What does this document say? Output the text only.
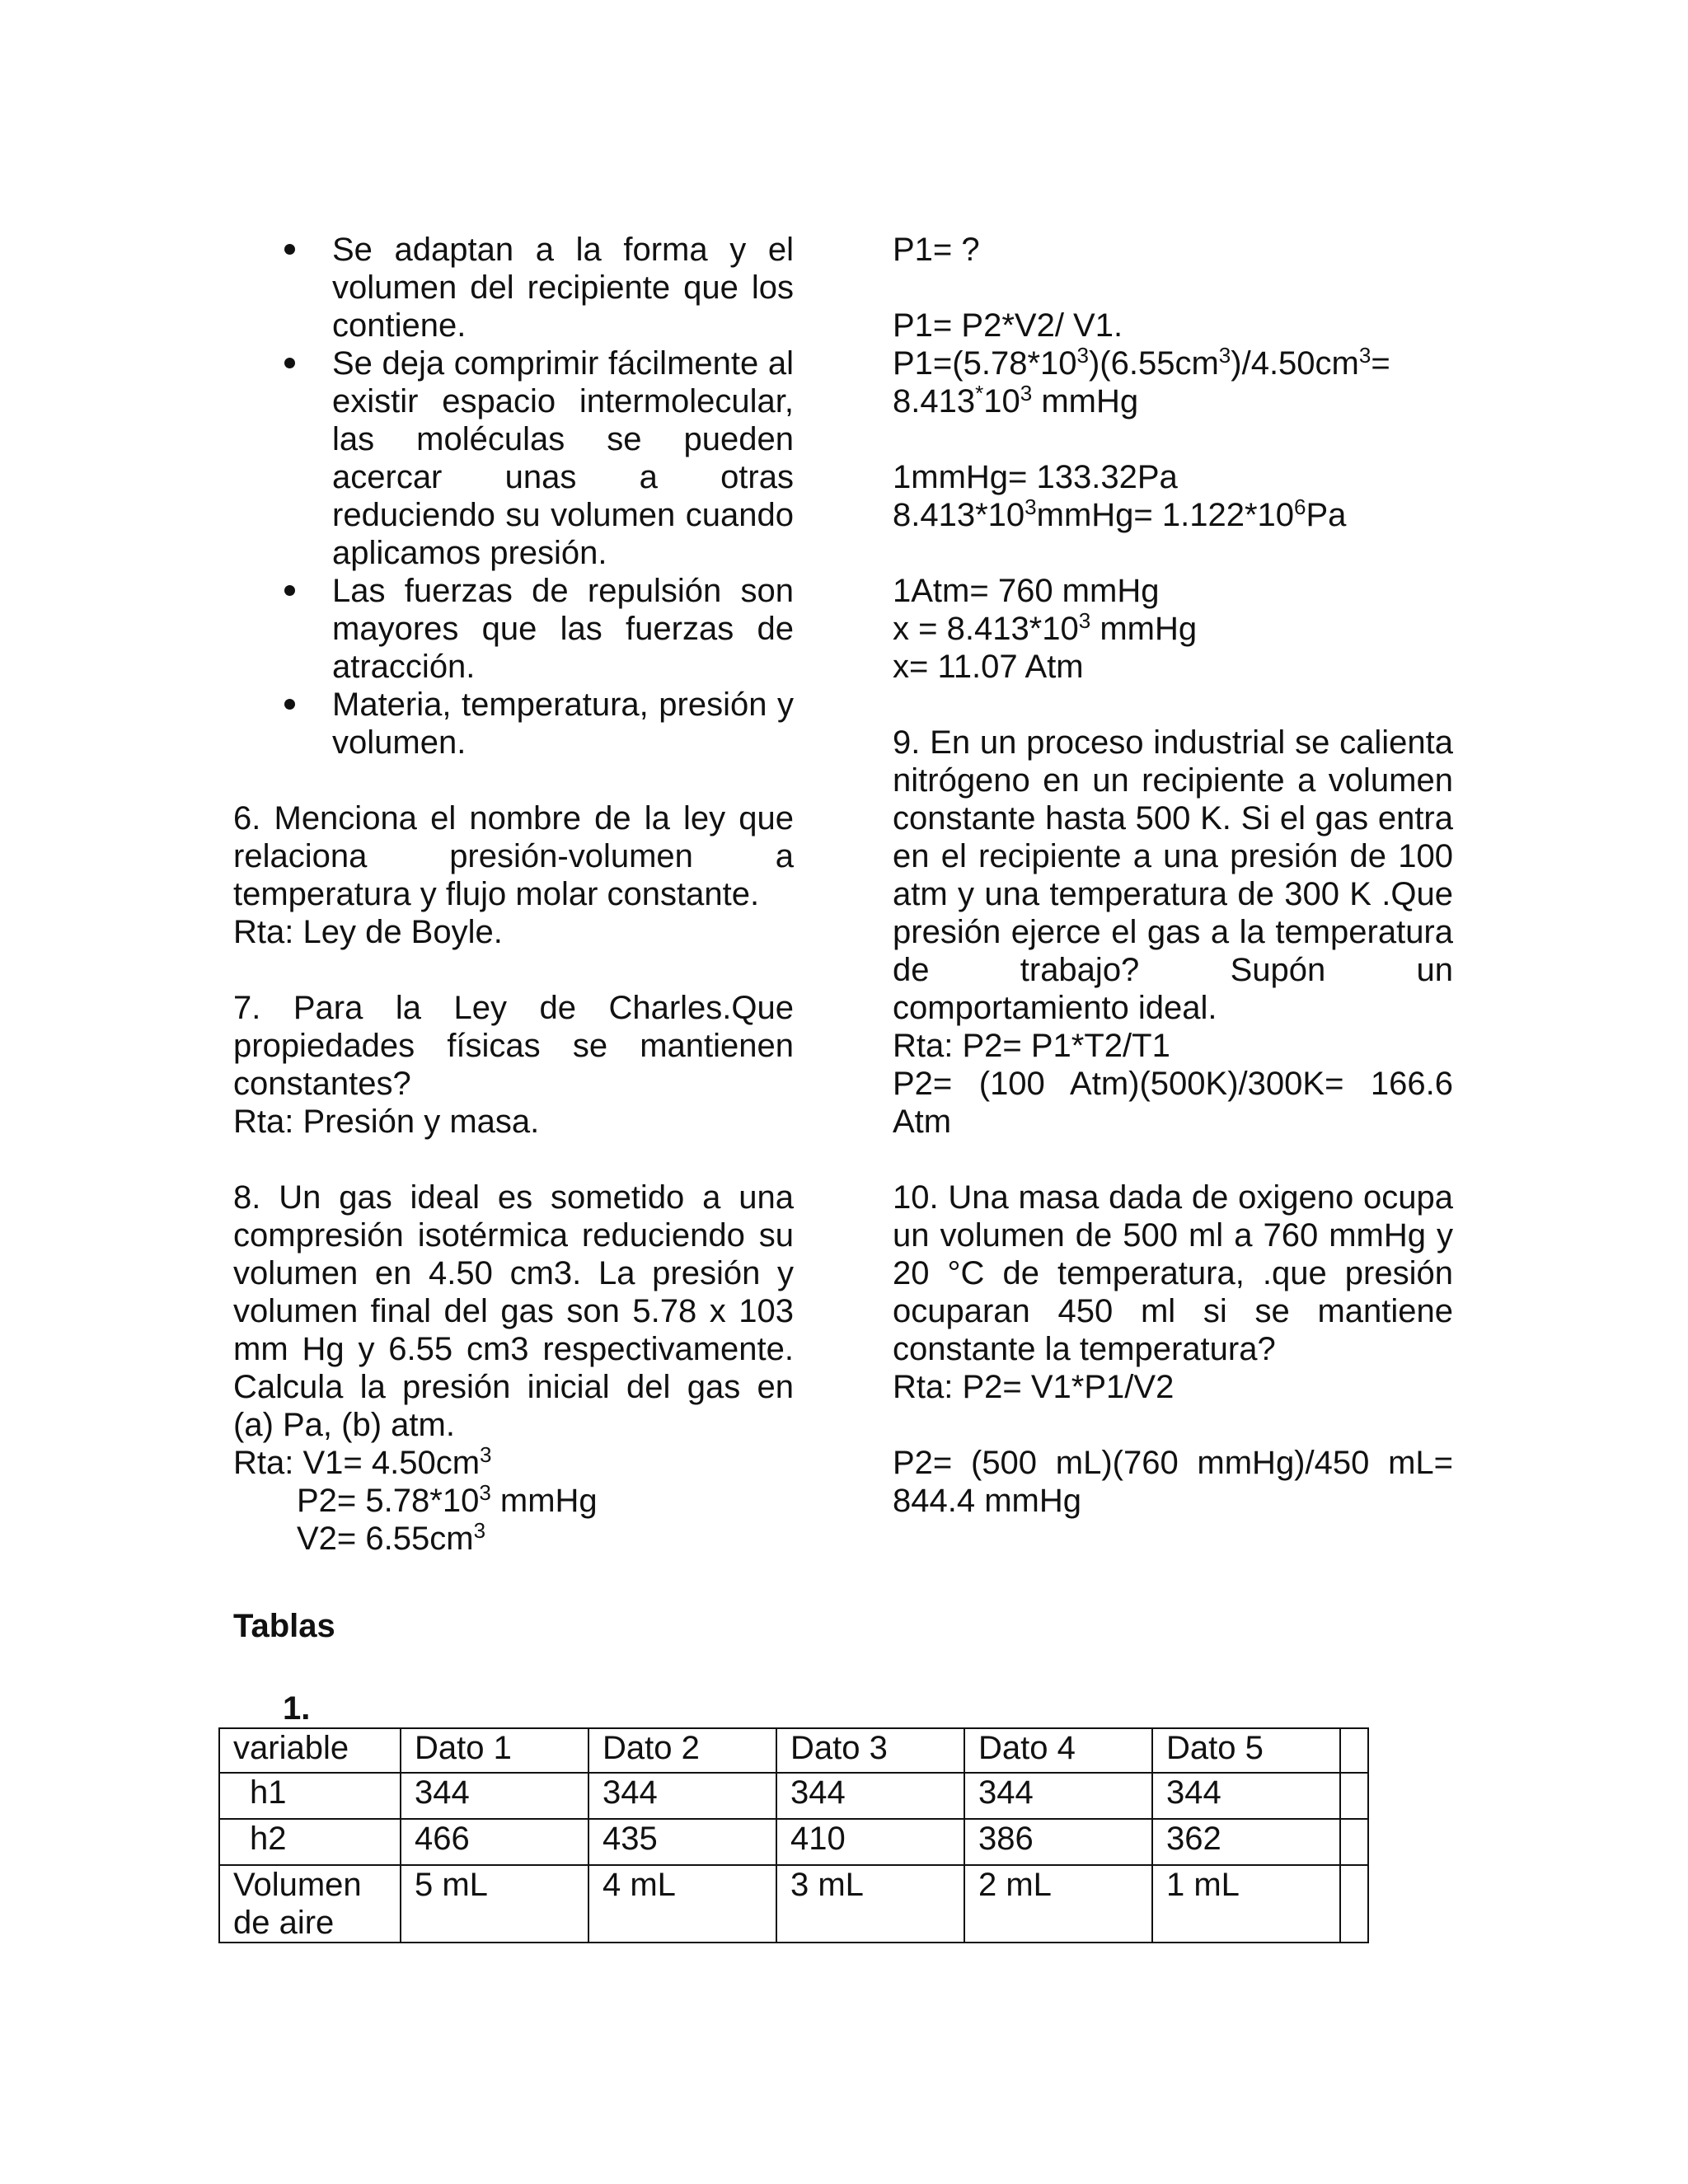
Se adaptan a la forma y el volumen del recipiente que los contiene.
Se deja comprimir fácilmente al existir espacio intermolecular, las moléculas se pueden acercar unas a otras reduciendo su volumen cuando aplicamos presión.
Las fuerzas de repulsión son mayores que las fuerzas de atracción.
Materia, temperatura, presión y volumen.

6. Menciona el nombre de la ley que relaciona presión-volumen a temperatura y flujo molar constante.

Rta: Ley de Boyle.

7. Para la Ley de Charles.Que propiedades físicas se mantienen constantes?

Rta: Presión y masa.

8. Un gas ideal es sometido a una compresión isotérmica reduciendo su volumen en 4.50 cm3. La presión y volumen final del gas son 5.78 x 103 mm Hg y 6.55 cm3 respectivamente. Calcula la presión inicial del gas en (a) Pa, (b) atm.

Rta: $V1= 4.50cm^3$

$P2= 5.78*10^3$ mmHg

$V2= 6.55cm^3$

P1= ?

P1= P2*V2/ V1.

$P1=(5.78*10^3)(6.55cm^3)/4.50cm^3=$

$8.413^*10^3$ mmHg

1mmHg= 133.32Pa

$8.413*10^3mmHg= 1.122*10^6Pa$

1Atm= 760 mmHg

$x = 8.413*10^3$ mmHg

x= 11.07 Atm

9. En un proceso industrial se calienta nitrógeno en un recipiente a volumen constante hasta 500 K. Si el gas entra en el recipiente a una presión de 100 atm y una temperatura de 300 K .Que presión ejerce el gas a la temperatura de trabajo? Supón un comportamiento ideal.

Rta: P2= P1*T2/T1

P2= (100 Atm)(500K)/300K= 166.6 Atm

10. Una masa dada de oxigeno ocupa un volumen de 500 ml a 760 mmHg y 20 °C de temperatura, .que presión ocuparan 450 ml si se mantiene constante la temperatura?

Rta: P2= V1*P1/V2

P2= (500 mL)(760 mmHg)/450 mL= 844.4 mmHg

Tablas
1.
variable	Dato 1	Dato 2	Dato 3	Dato 4	Dato 5	
h1	344	344	344	344	344	
h2	466	435	410	386	362	
Volumen de aire	5 mL	4 mL	3 mL	2 mL	1 mL	
